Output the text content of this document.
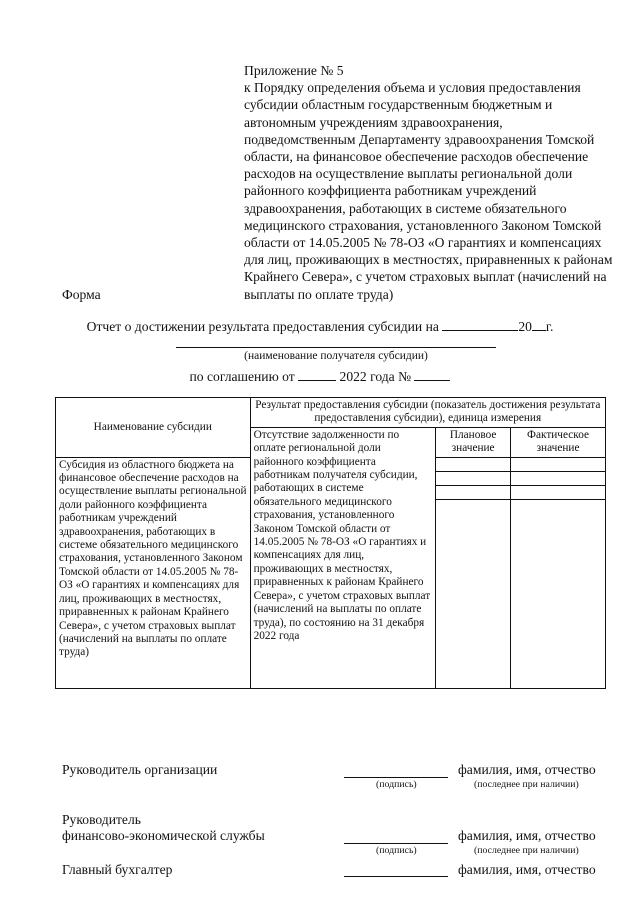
Приложение № 5
к Порядку определения объема и условия предоставления субсидии областным государственным бюджетным и автономным учреждениям здравоохранения, подведомственным Департаменту здравоохранения Томской области, на финансовое обеспечение расходов обеспечение расходов на осуществление выплаты региональной доли районного коэффициента работникам учреждений здравоохранения, работающих в системе обязательного медицинского страхования, установленного Законом Томской области от 14.05.2005 № 78-ОЗ «О гарантиях и компенсациях для лиц, проживающих в местностях, приравненных к районам Крайнего Севера», с учетом страховых выплат (начислений на выплаты по оплате труда)
Форма
Отчет о достижении результата предоставления субсидии на	20 г.
(наименование получателя субсидии)
по соглашению от	2022 года №
Наименование субсидии	Результат предоставления субсидии (показатель достижения результата предоставления субсидии), единица измерения		
	Отсутствие задолженности по оплате региональной доли районного коэффициента работникам получателя субсидии, работающих в системе обязательного медицинского страхования, установленного Законом Томской области от 14.05.2005 № 78-ОЗ «О гарантиях и компенсациях для лиц, проживающих в местностях, приравненных к районам Крайнего Севера», с учетом страховых выплат (начислений на выплаты по оплате труда), по состоянию на 31 декабря 2022 года	Плановое значение	Фактическое значение
Субсидия из областного бюджета на финансовое обеспечение расходов на осуществление выплаты региональной доли районного коэффициента работникам учреждений здравоохранения, работающих в системе обязательного медицинского страхования, установленного Законом Томской области от 14.05.2005 № 78-ОЗ «О гарантиях и компенсациях для лиц, проживающих в местностях, приравненных к районам Крайнего Севера», с учетом страховых выплат (начислений на выплаты по оплате труда)			

Руководитель организации	фамилия, имя, отчество
(подпись)	(последнее при наличии)
Руководитель
финансово-экономической службы	фамилия, имя, отчество
(подпись)	(последнее при наличии)
Главный бухгалтер	фамилия, имя, отчество
